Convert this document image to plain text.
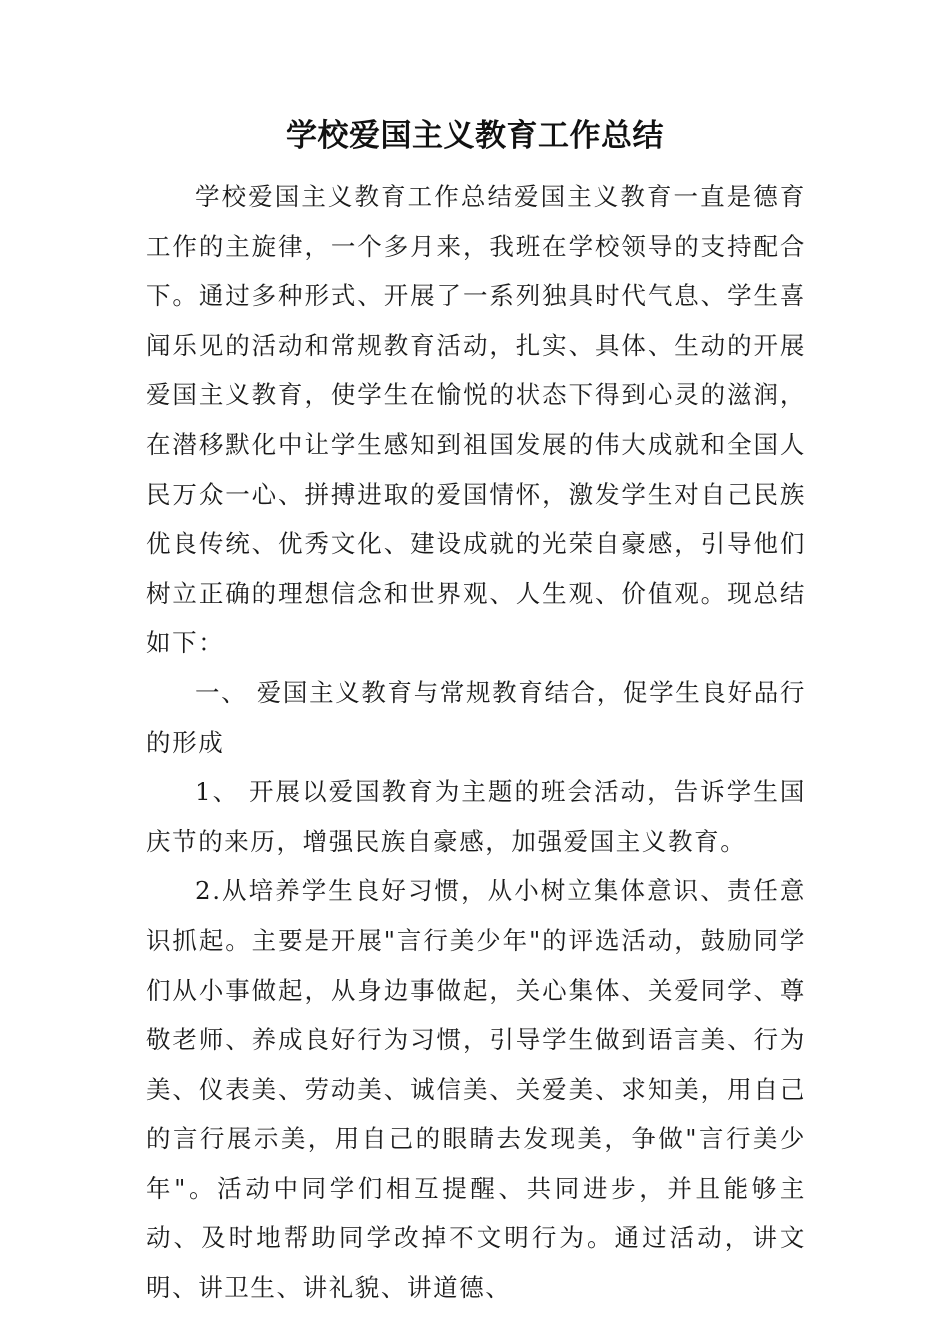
学校爱国主义教育工作总结

学校爱国主义教育工作总结爱国主义教育一直是德育工作的主旋律，一个多月来，我班在学校领导的支持配合下。通过多种形式、开展了一系列独具时代气息、学生喜闻乐见的活动和常规教育活动，扎实、具体、生动的开展爱国主义教育，使学生在愉悦的状态下得到心灵的滋润，在潜移默化中让学生感知到祖国发展的伟大成就和全国人民万众一心、拼搏进取的爱国情怀，激发学生对自己民族优良传统、优秀文化、建设成就的光荣自豪感，引导他们树立正确的理想信念和世界观、人生观、价值观。现总结如下：

一、 爱国主义教育与常规教育结合，促学生良好品行的形成

1、 开展以爱国教育为主题的班会活动，告诉学生国庆节的来历，增强民族自豪感，加强爱国主义教育。

2.从培养学生良好习惯，从小树立集体意识、责任意识抓起。主要是开展"言行美少年"的评选活动，鼓励同学们从小事做起，从身边事做起，关心集体、关爱同学、尊敬老师、养成良好行为习惯，引导学生做到语言美、行为美、仪表美、劳动美、诚信美、关爱美、求知美，用自己的言行展示美，用自己的眼睛去发现美，争做"言行美少年"。活动中同学们相互提醒、共同进步，并且能够主动、及时地帮助同学改掉不文明行为。通过活动，讲文明、讲卫生、讲礼貌、讲道德、
